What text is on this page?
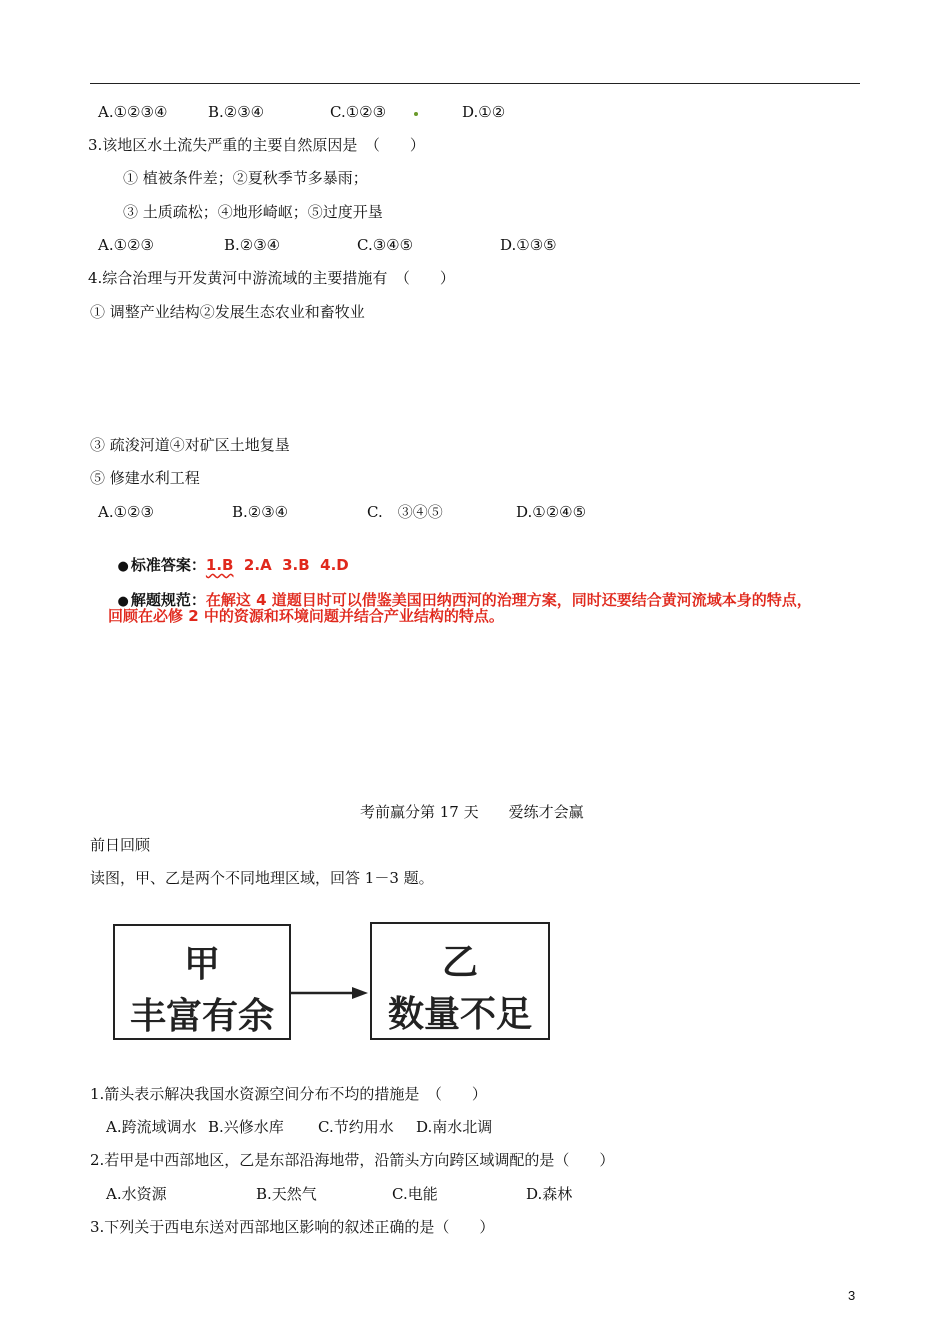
A.①②③④	B.②③④	C.①②③	D.①②
3.该地区水土流失严重的主要自然原因是　（　　）
① 植被条件差；②夏秋季节多暴雨；
③ 土质疏松；④地形崎岖；⑤过度开垦
A.①②③	B.②③④	C.③④⑤	D.①③⑤
4.综合治理与开发黄河中游流域的主要措施有　（　　）
① 调整产业结构②发展生态农业和畜牧业
③ 疏浚河道④对矿区土地复垦
⑤ 修建水利工程
A.①②③	B.②③④	C.　③④⑤	D.①②④⑤

● 标准答案：1.B  2.A  3.B  4.D

● 解题规范：在解这 4 道题目时可以借鉴美国田纳西河的治理方案，同时还要结合黄河流域本身的特点，

回顾在必修 2 中的资源和环境问题并结合产业结构的特点。
考前赢分第 17 天　　爱练才会赢
前日回顾
读图，甲、乙是两个不同地理区域，回答 1－3 题。
甲
丰富有余
乙
数量不足
1.箭头表示解决我国水资源空间分布不均的措施是　（　　）
A.跨流域调水 B.兴修水库 C.节约用水 D.南水北调
2.若甲是中西部地区，乙是东部沿海地带，沿箭头方向跨区域调配的是（　　）
A.水资源	B.天然气	C.电能	D.森林
3.下列关于西电东送对西部地区影响的叙述正确的是（　　）
3
